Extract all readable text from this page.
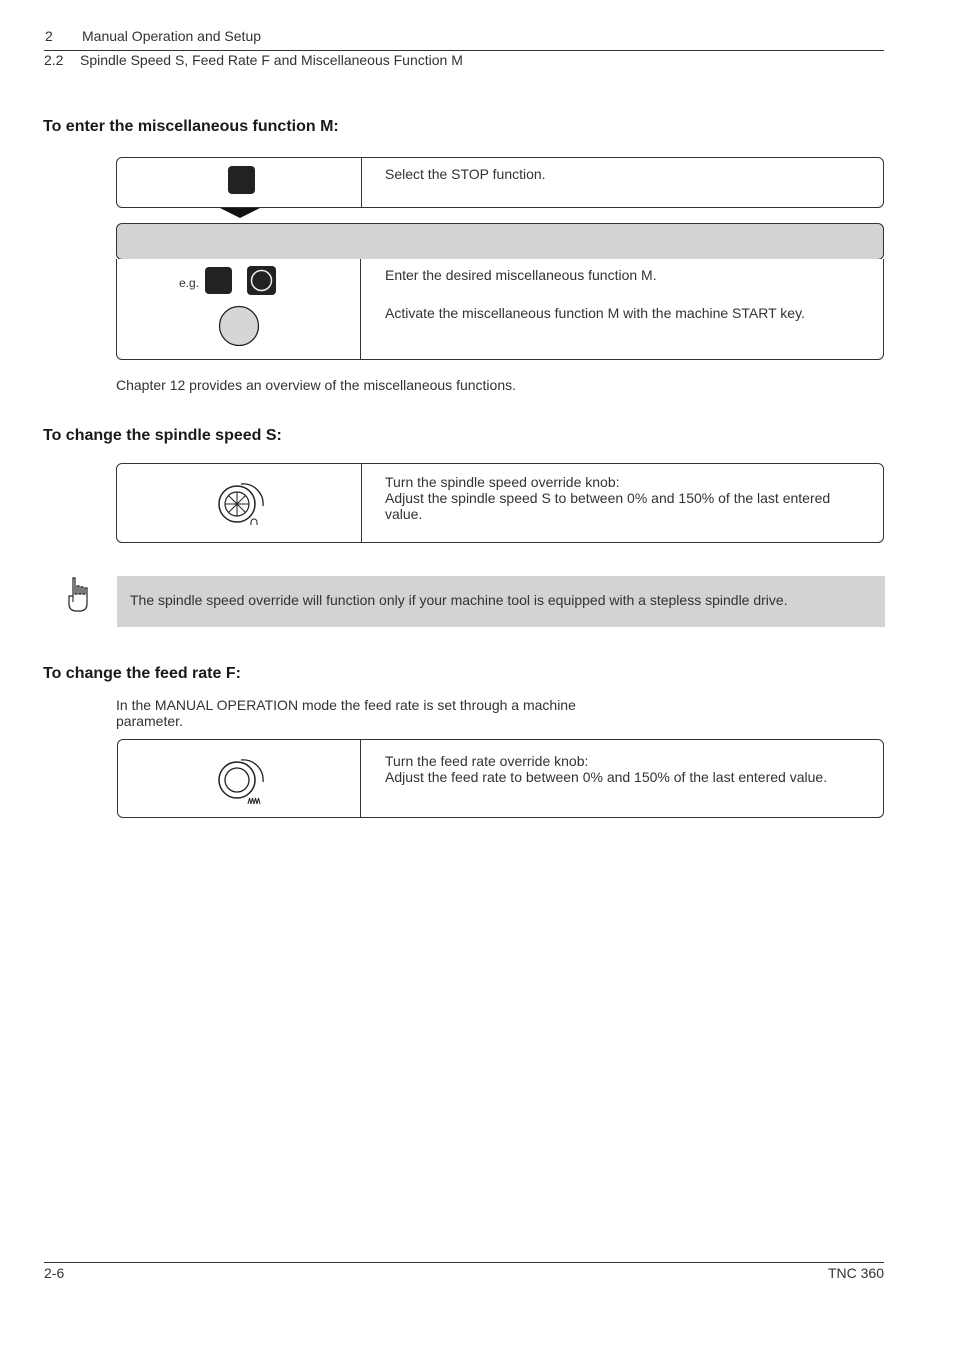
2 Manual Operation and Setup
2.2 Spindle Speed S, Feed Rate F and Miscellaneous Function M
To enter the miscellaneous function M:
Select the STOP function.
e.g.	Enter the desired miscellaneous function M.
Activate the miscellaneous function M with the machine START key.
Chapter 12 provides an overview of the miscellaneous functions.
To change the spindle speed S:
Turn the spindle speed override knob:
Adjust the spindle speed S to between 0% and 150% of the last entered
value.
The spindle speed override will function only if your machine tool is equipped with a stepless spindle drive.
To change the feed rate F:
In the MANUAL OPERATION mode the feed rate is set through a machine
parameter.
Turn the feed rate override knob:
Adjust the feed rate to between 0% and 150% of the last entered value.
2-6	TNC 360
